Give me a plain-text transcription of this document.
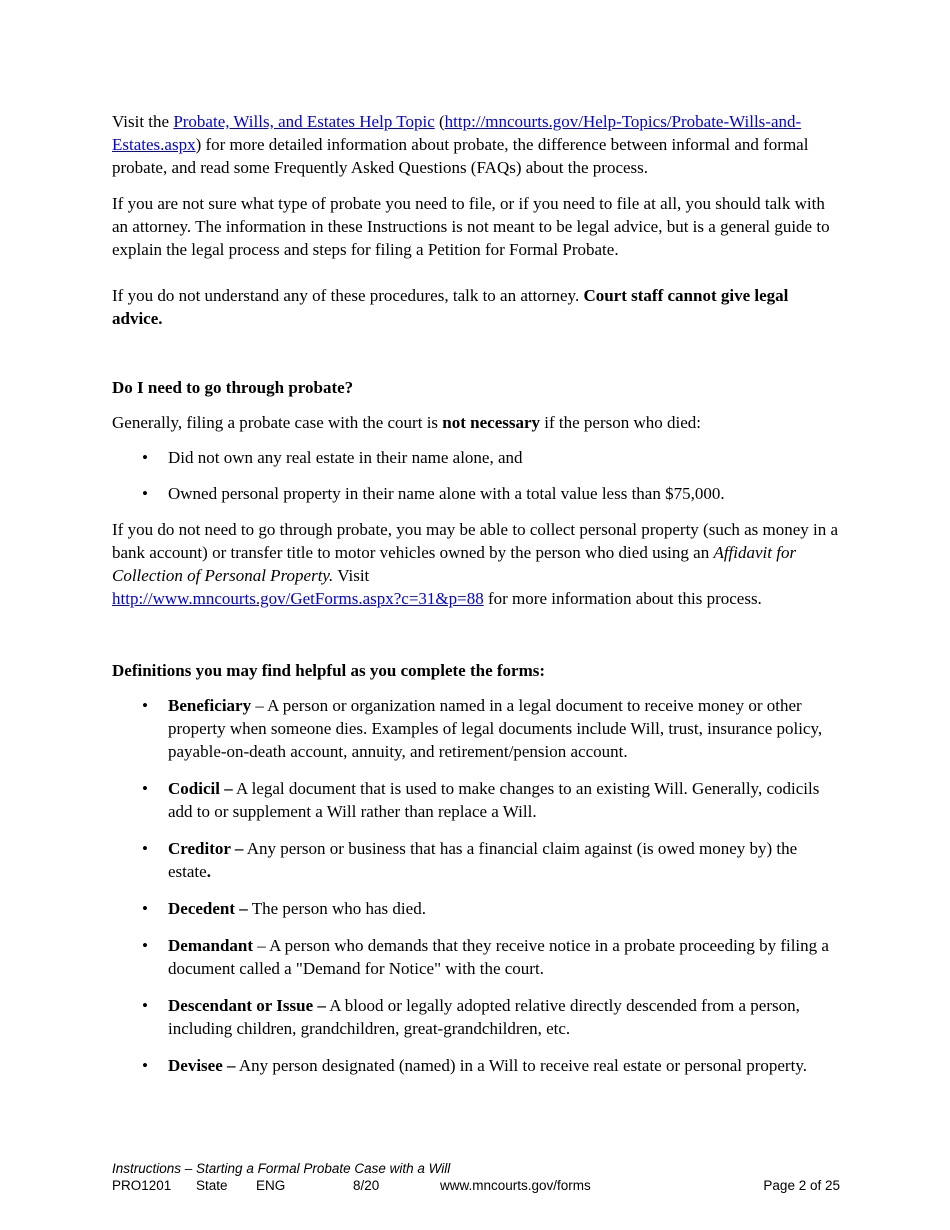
Visit the Probate, Wills, and Estates Help Topic (http://mncourts.gov/Help-Topics/Probate-Wills-and-Estates.aspx) for more detailed information about probate, the difference between informal and formal probate, and read some Frequently Asked Questions (FAQs) about the process.

If you are not sure what type of probate you need to file, or if you need to file at all, you should talk with an attorney. The information in these Instructions is not meant to be legal advice, but is a general guide to explain the legal process and steps for filing a Petition for Formal Probate.

If you do not understand any of these procedures, talk to an attorney. Court staff cannot give legal advice.

Do I need to go through probate?

Generally, filing a probate case with the court is not necessary if the person who died:

• Did not own any real estate in their name alone, and
• Owned personal property in their name alone with a total value less than $75,000.

If you do not need to go through probate, you may be able to collect personal property (such as money in a bank account) or transfer title to motor vehicles owned by the person who died using an Affidavit for Collection of Personal Property. Visit
http://www.mncourts.gov/GetForms.aspx?c=31&p=88 for more information about this process.

Definitions you may find helpful as you complete the forms:

• Beneficiary – A person or organization named in a legal document to receive money or other property when someone dies. Examples of legal documents include Will, trust, insurance policy, payable-on-death account, annuity, and retirement/pension account.
• Codicil – A legal document that is used to make changes to an existing Will. Generally, codicils add to or supplement a Will rather than replace a Will.
• Creditor – Any person or business that has a financial claim against (is owed money by) the estate.
• Decedent – The person who has died.
• Demandant – A person who demands that they receive notice in a probate proceeding by filing a document called a "Demand for Notice" with the court.
• Descendant or Issue – A blood or legally adopted relative directly descended from a person, including children, grandchildren, great-grandchildren, etc.
• Devisee – Any person designated (named) in a Will to receive real estate or personal property.
Instructions – Starting a Formal Probate Case with a Will
PRO1201 State ENG	8/20	www.mncourts.gov/forms	Page 2 of 25
